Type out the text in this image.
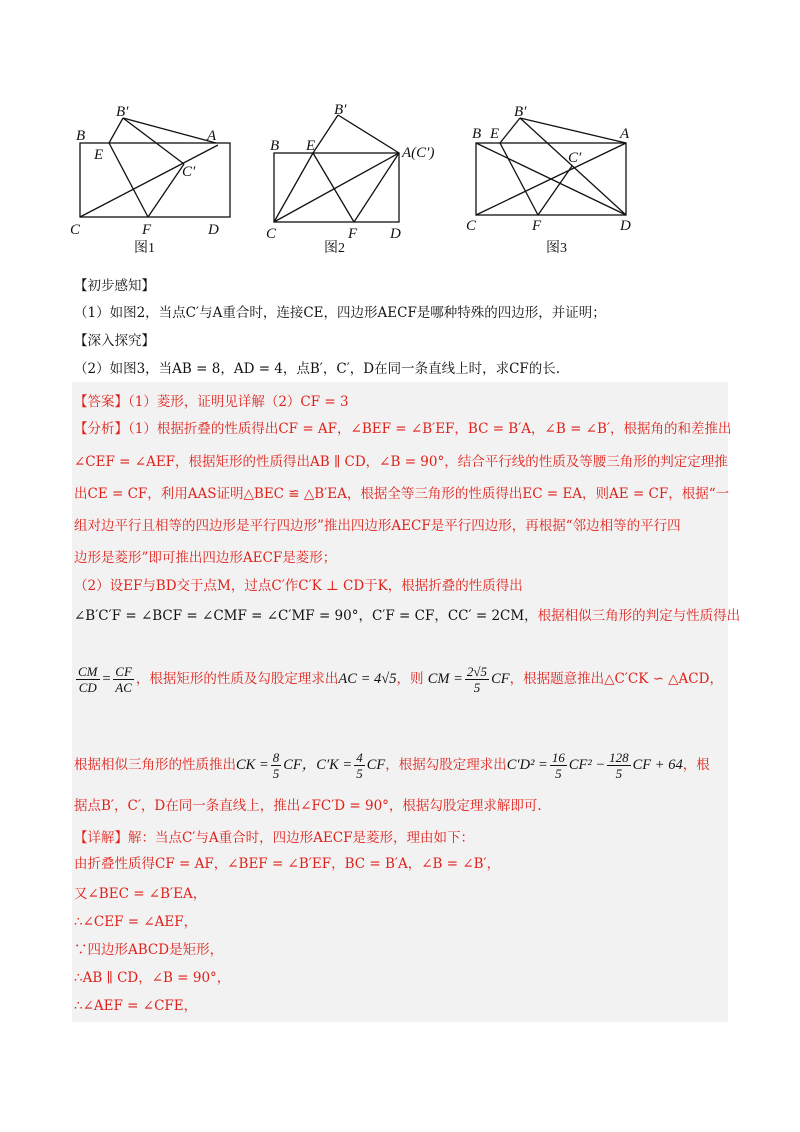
B′
B	A
E
C′
C	F	D
图1
B′
B E	A(C′)
C	F D
图2
B′
B E	A
C′
C	F	D
图3
【初步感知】
（1）如图2，当点C′与A重合时，连接CE，四边形AECF是哪种特殊的四边形，并证明；
【深入探究】
（2）如图3，当AB = 8，AD = 4，点B′，C′，D在同一条直线上时，求CF的长.
【答案】（1）菱形，证明见详解（2）CF = 3
【分析】（1）根据折叠的性质得出CF = AF，∠BEF = ∠B′EF，BC = B′A，∠B = ∠B′，根据角的和差推出
∠CEF = ∠AEF，根据矩形的性质得出AB ∥ CD，∠B = 90°，结合平行线的性质及等腰三角形的判定定理推
出CE = CF，利用AAS证明△BEC ≌ △B′EA，根据全等三角形的性质得出EC = EA，则AE = CF，根据“一
组对边平行且相等的四边形是平行四边形”推出四边形AECF是平行四边形，再根据“邻边相等的平行四
边形是菱形”即可推出四边形AECF是菱形；
（2）设EF与BD交于点M，过点C′作C′K ⊥ CD于K，根据折叠的性质得出
∠B′C′F = ∠BCF = ∠CMF = ∠C′MF = 90°，C′F = CF，CC′ = 2CM，根据相似三角形的判定与性质得出
$\frac{CM}{CD} = \frac{CF}{AC}$ ，根据矩形的性质及勾股定理求出AC = 4√5，则 CM = $\frac{2√5}{5}$ CF，根据题意推出△C′CK ∽ △ACD，
根据相似三角形的性质推出CK = $\frac{8}{5}$ CF，$C'K = \frac{4}{5}$ CF，根据勾股定理求出$C'D^2 = \frac{16}{5} CF^2 - \frac{128}{5}$ CF + 64，根
据点B′，C′，D在同一条直线上，推出∠FC′D = 90°，根据勾股定理求解即可.
【详解】解：当点C′与A重合时，四边形AECF是菱形，理由如下：
由折叠性质得CF = AF，∠BEF = ∠B′EF，BC = B′A，∠B = ∠B′，
又∠BEC = ∠B′EA，
∴∠CEF = ∠AEF，
∵四边形ABCD是矩形，
∴AB ∥ CD，∠B = 90°，
∴∠AEF = ∠CFE，
